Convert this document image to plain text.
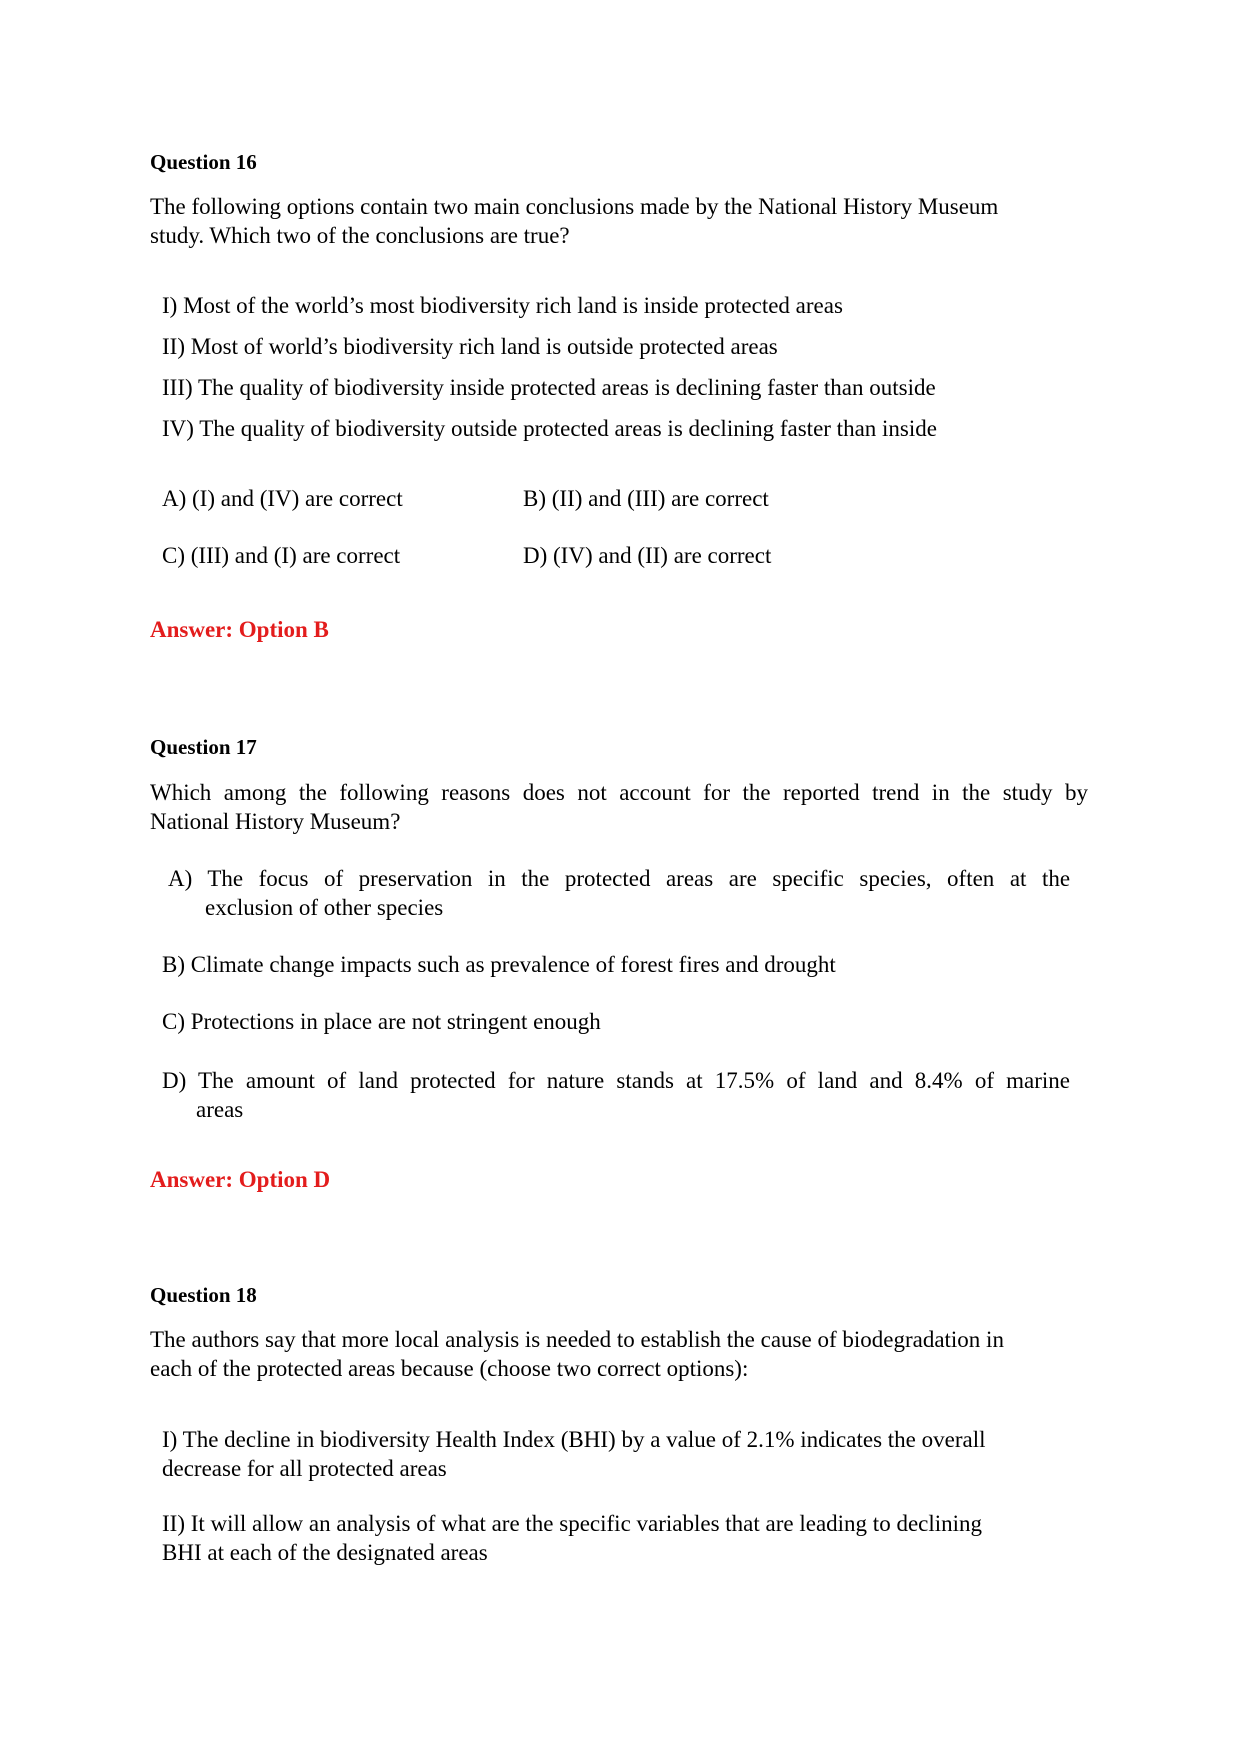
Question 16
The following options contain two main conclusions made by the National History Museum
study. Which two of the conclusions are true?
I) Most of the world’s most biodiversity rich land is inside protected areas
II) Most of world’s biodiversity rich land is outside protected areas
III) The quality of biodiversity inside protected areas is declining faster than outside
IV) The quality of biodiversity outside protected areas is declining faster than inside
A) (I) and (IV) are correct	B) (II) and (III) are correct
C) (III) and (I) are correct	D) (IV) and (II) are correct
Answer: Option B
Question 17
Which among the following reasons does not account for the reported trend in the study by
National History Museum?
A) The focus of preservation in the protected areas are specific species, often at the
exclusion of other species
B) Climate change impacts such as prevalence of forest fires and drought
C) Protections in place are not stringent enough
D) The amount of land protected for nature stands at 17.5% of land and 8.4% of marine
areas
Answer: Option D
Question 18
The authors say that more local analysis is needed to establish the cause of biodegradation in
each of the protected areas because (choose two correct options):
I) The decline in biodiversity Health Index (BHI) by a value of 2.1% indicates the overall
decrease for all protected areas
II) It will allow an analysis of what are the specific variables that are leading to declining
BHI at each of the designated areas
